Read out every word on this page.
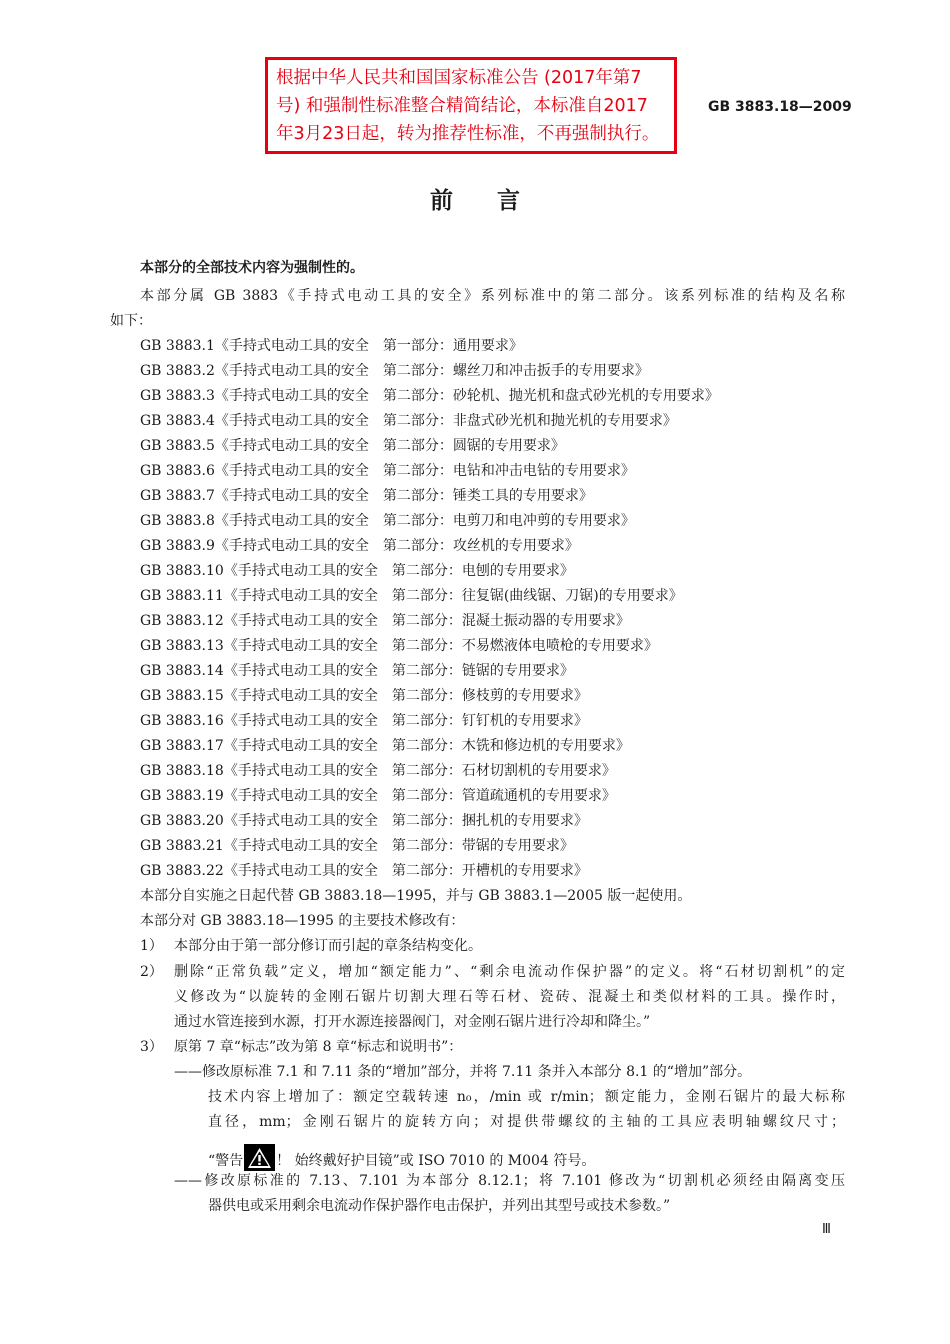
根据中华人民共和国国家标准公告 (2017年第7
号) 和强制性标准整合精简结论，本标准自2017
年3月23日起，转为推荐性标准，不再强制执行。
GB 3883.18—2009
前言
本部分的全部技术内容为强制性的。
本部分属 GB 3883《手持式电动工具的安全》系列标准中的第二部分。该系列标准的结构及名称
如下：
GB 3883.1《手持式电动工具的安全　第一部分：通用要求》
GB 3883.2《手持式电动工具的安全　第二部分：螺丝刀和冲击扳手的专用要求》
GB 3883.3《手持式电动工具的安全　第二部分：砂轮机、抛光机和盘式砂光机的专用要求》
GB 3883.4《手持式电动工具的安全　第二部分：非盘式砂光机和抛光机的专用要求》
GB 3883.5《手持式电动工具的安全　第二部分：圆锯的专用要求》
GB 3883.6《手持式电动工具的安全　第二部分：电钻和冲击电钻的专用要求》
GB 3883.7《手持式电动工具的安全　第二部分：锤类工具的专用要求》
GB 3883.8《手持式电动工具的安全　第二部分：电剪刀和电冲剪的专用要求》
GB 3883.9《手持式电动工具的安全　第二部分：攻丝机的专用要求》
GB 3883.10《手持式电动工具的安全　第二部分：电刨的专用要求》
GB 3883.11《手持式电动工具的安全　第二部分：往复锯(曲线锯、刀锯)的专用要求》
GB 3883.12《手持式电动工具的安全　第二部分：混凝土振动器的专用要求》
GB 3883.13《手持式电动工具的安全　第二部分：不易燃液体电喷枪的专用要求》
GB 3883.14《手持式电动工具的安全　第二部分：链锯的专用要求》
GB 3883.15《手持式电动工具的安全　第二部分：修枝剪的专用要求》
GB 3883.16《手持式电动工具的安全　第二部分：钉钉机的专用要求》
GB 3883.17《手持式电动工具的安全　第二部分：木铣和修边机的专用要求》
GB 3883.18《手持式电动工具的安全　第二部分：石材切割机的专用要求》
GB 3883.19《手持式电动工具的安全　第二部分：管道疏通机的专用要求》
GB 3883.20《手持式电动工具的安全　第二部分：捆扎机的专用要求》
GB 3883.21《手持式电动工具的安全　第二部分：带锯的专用要求》
GB 3883.22《手持式电动工具的安全　第二部分：开槽机的专用要求》
本部分自实施之日起代替 GB 3883.18—1995，并与 GB 3883.1—2005 版一起使用。
本部分对 GB 3883.18—1995 的主要技术修改有：
1） 本部分由于第一部分修订而引起的章条结构变化。
2） 删除“正常负载”定义，增加“额定能力”、“剩余电流动作保护器”的定义。将“石材切割机”的定
义修改为“以旋转的金刚石锯片切割大理石等石材、瓷砖、混凝土和类似材料的工具。操作时，
通过水管连接到水源，打开水源连接器阀门，对金刚石锯片进行冷却和降尘。”
3） 原第 7 章“标志”改为第 8 章“标志和说明书”：
——修改原标准 7.1 和 7.11 条的“增加”部分，并将 7.11 条并入本部分 8.1 的“增加”部分。
技术内容上增加了：额定空载转速 n₀，/min 或 r/min；额定能力，金刚石锯片的最大标称
直径，mm；金刚石锯片的旋转方向；对提供带螺纹的主轴的工具应表明轴螺纹尺寸；
“警告 ！ 始终戴好护目镜”或 ISO 7010 的 M004 符号。
——修改原标准的 7.13、7.101 为本部分 8.12.1；将 7.101 修改为“切割机必须经由隔离变压
器供电或采用剩余电流动作保护器作电击保护，并列出其型号或技术参数。”
Ⅲ
